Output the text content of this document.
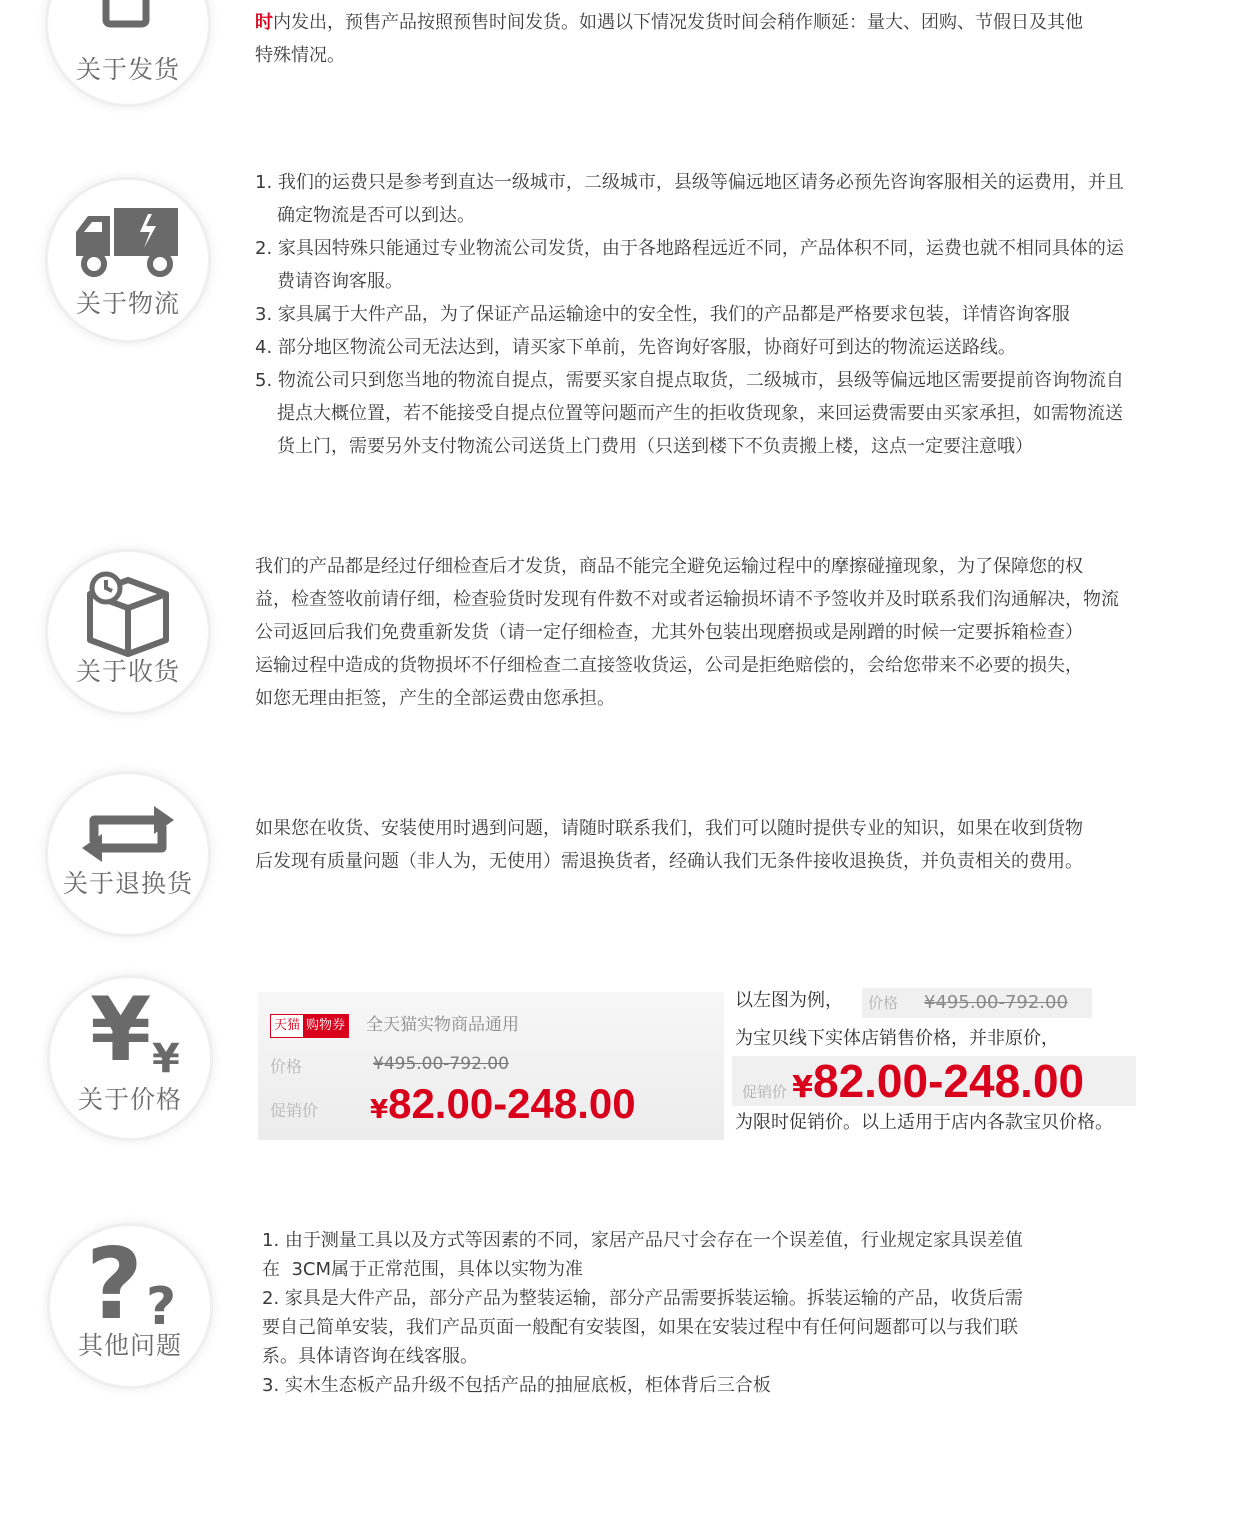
关于发货

时内发出，预售产品按照预售时间发货。如遇以下情况发货时间会稍作顺延：量大、团购、节假日及其他

特殊情况。

关于物流

1. 我们的运费只是参考到直达一级城市，二级城市，县级等偏远地区请务必预先咨询客服相关的运费用，并且确定物流是否可以到达。

2. 家具因特殊只能通过专业物流公司发货，由于各地路程远近不同，产品体积不同，运费也就不相同具体的运费请咨询客服。

3. 家具属于大件产品，为了保证产品运输途中的安全性，我们的产品都是严格要求包装，详情咨询客服

4. 部分地区物流公司无法达到，请买家下单前，先咨询好客服，协商好可到达的物流运送路线。

5. 物流公司只到您当地的物流自提点，需要买家自提点取货，二级城市，县级等偏远地区需要提前咨询物流自提点大概位置，若不能接受自提点位置等问题而产生的拒收货现象，来回运费需要由买家承担，如需物流送货上门，需要另外支付物流公司送货上门费用（只送到楼下不负责搬上楼，这点一定要注意哦）

关于收货

我们的产品都是经过仔细检查后才发货，商品不能完全避免运输过程中的摩擦碰撞现象，为了保障您的权

益，检查签收前请仔细，检查验货时发现有件数不对或者运输损坏请不予签收并及时联系我们沟通解决，物流

公司返回后我们免费重新发货（请一定仔细检查，尤其外包装出现磨损或是剐蹭的时候一定要拆箱检查）

运输过程中造成的货物损坏不仔细检查二直接签收货运，公司是拒绝赔偿的，会给您带来不必要的损失，

如您无理由拒签，产生的全部运费由您承担。

关于退换货

如果您在收货、安装使用时遇到问题，请随时联系我们，我们可以随时提供专业的知识，如果在收到货物

后发现有质量问题（非人为，无使用）需退换货者，经确认我们无条件接收退换货，并负责相关的费用。

¥ ¥
关于价格
天猫 购物券 全天猫实物商品通用
价格	¥495.00-792.00
促销价 ¥82.00-248.00
以左图为例，	价格 ¥495.00-792.00
为宝贝线下实体店销售价格，并非原价，
促销价 ¥82.00-248.00
为限时促销价。以上适用于店内各款宝贝价格。
? ?
其他问题

1. 由于测量工具以及方式等因素的不同，家居产品尺寸会存在一个误差值，行业规定家具误差值

在  3CM属于正常范围，具体以实物为准

2. 家具是大件产品，部分产品为整装运输，部分产品需要拆装运输。拆装运输的产品，收货后需

要自己简单安装，我们产品页面一般配有安装图，如果在安装过程中有任何问题都可以与我们联

系。具体请咨询在线客服。

3. 实木生态板产品升级不包括产品的抽屉底板，柜体背后三合板
